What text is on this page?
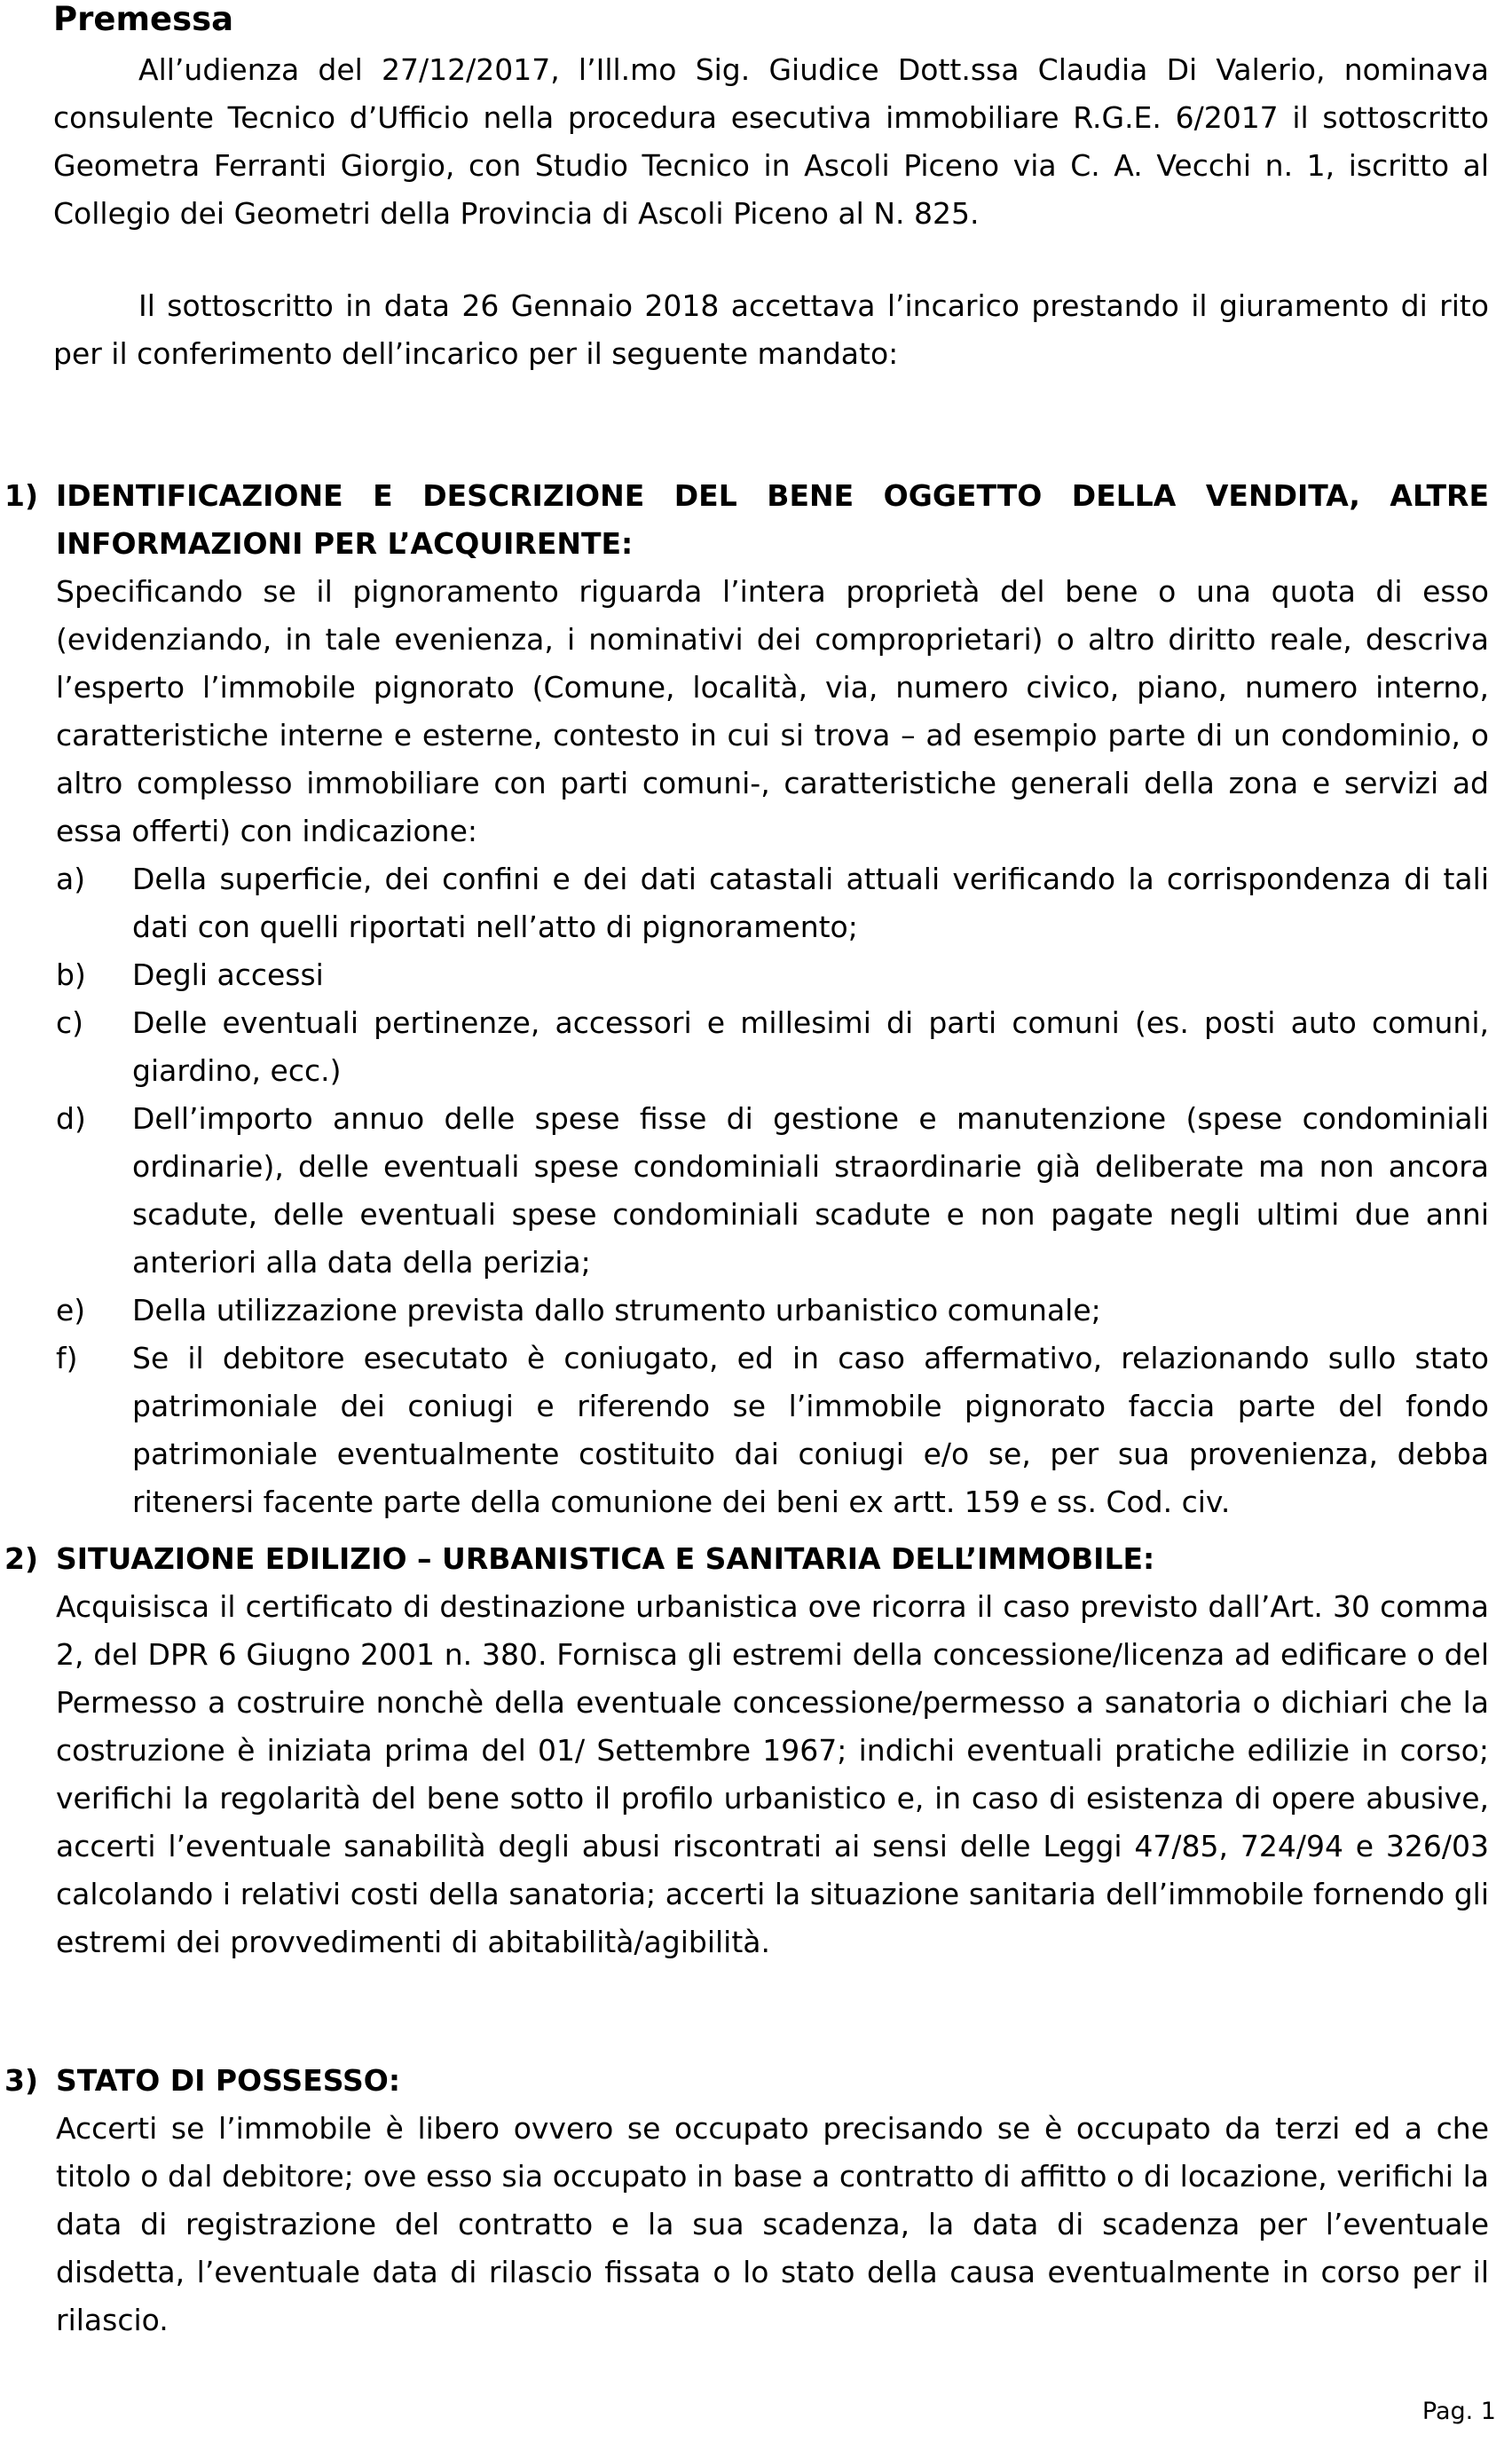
Premessa

All’udienza del 27/12/2017, l’Ill.mo Sig. Giudice Dott.ssa Claudia Di Valerio, nominava consulente Tecnico d’Ufficio nella procedura esecutiva immobiliare R.G.E. 6/2017 il sottoscritto Geometra Ferranti Giorgio, con Studio Tecnico in Ascoli Piceno via C. A. Vecchi n. 1, iscritto al Collegio dei Geometri della Provincia di Ascoli Piceno al N. 825.

Il sottoscritto in data 26 Gennaio 2018 accettava l’incarico prestando il giuramento di rito per il conferimento dell’incarico per il seguente mandato:

1) IDENTIFICAZIONE E DESCRIZIONE DEL BENE OGGETTO DELLA VENDITA, ALTRE INFORMAZIONI PER L’ACQUIRENTE:
Specificando se il pignoramento riguarda l’intera proprietà del bene o una quota di esso (evidenziando, in tale evenienza, i nominativi dei comproprietari) o altro diritto reale, descriva l’esperto l’immobile pignorato (Comune, località, via, numero civico, piano, numero interno, caratteristiche interne e esterne, contesto in cui si trova – ad esempio parte di un condominio, o altro complesso immobiliare con parti comuni-, caratteristiche generali della zona e servizi ad essa offerti) con indicazione:
a)	Della superficie, dei confini e dei dati catastali attuali verificando la corrispondenza di tali dati con quelli riportati nell’atto di pignoramento;
b)	Degli accessi
c)	Delle eventuali pertinenze, accessori e millesimi di parti comuni (es. posti auto comuni, giardino, ecc.)
d)	Dell’importo annuo delle spese fisse di gestione e manutenzione (spese condominiali ordinarie), delle eventuali spese condominiali straordinarie già deliberate ma non ancora scadute, delle eventuali spese condominiali scadute e non pagate negli ultimi due anni anteriori alla data della perizia;
e)	Della utilizzazione prevista dallo strumento urbanistico comunale;
f)	Se il debitore esecutato è coniugato, ed in caso affermativo, relazionando sullo stato patrimoniale dei coniugi e riferendo se l’immobile pignorato faccia parte del fondo patrimoniale eventualmente costituito dai coniugi e/o se, per sua provenienza, debba ritenersi facente parte della comunione dei beni ex artt. 159 e ss. Cod. civ.
2) SITUAZIONE EDILIZIO – URBANISTICA E SANITARIA DELL’IMMOBILE:
Acquisisca il certificato di destinazione urbanistica ove ricorra il caso previsto dall’Art. 30 comma 2, del DPR 6 Giugno 2001 n. 380. Fornisca gli estremi della concessione/licenza ad edificare o del Permesso a costruire nonchè della eventuale concessione/permesso a sanatoria o dichiari che la costruzione è iniziata prima del 01/ Settembre 1967; indichi eventuali pratiche edilizie in corso; verifichi la regolarità del bene sotto il profilo urbanistico e, in caso di esistenza di opere abusive, accerti l’eventuale sanabilità degli abusi riscontrati ai sensi delle Leggi 47/85, 724/94 e 326/03 calcolando i relativi costi della sanatoria; accerti la situazione sanitaria dell’immobile fornendo gli estremi dei provvedimenti di abitabilità/agibilità.
3) STATO DI POSSESSO:
Accerti se l’immobile è libero ovvero se occupato precisando se è occupato da terzi ed a che titolo o dal debitore; ove esso sia occupato in base a contratto di affitto o di locazione, verifichi la data di registrazione del contratto e la sua scadenza, la data di scadenza per l’eventuale disdetta, l’eventuale data di rilascio fissata o lo stato della causa eventualmente in corso per il rilascio.
Pag. 1
